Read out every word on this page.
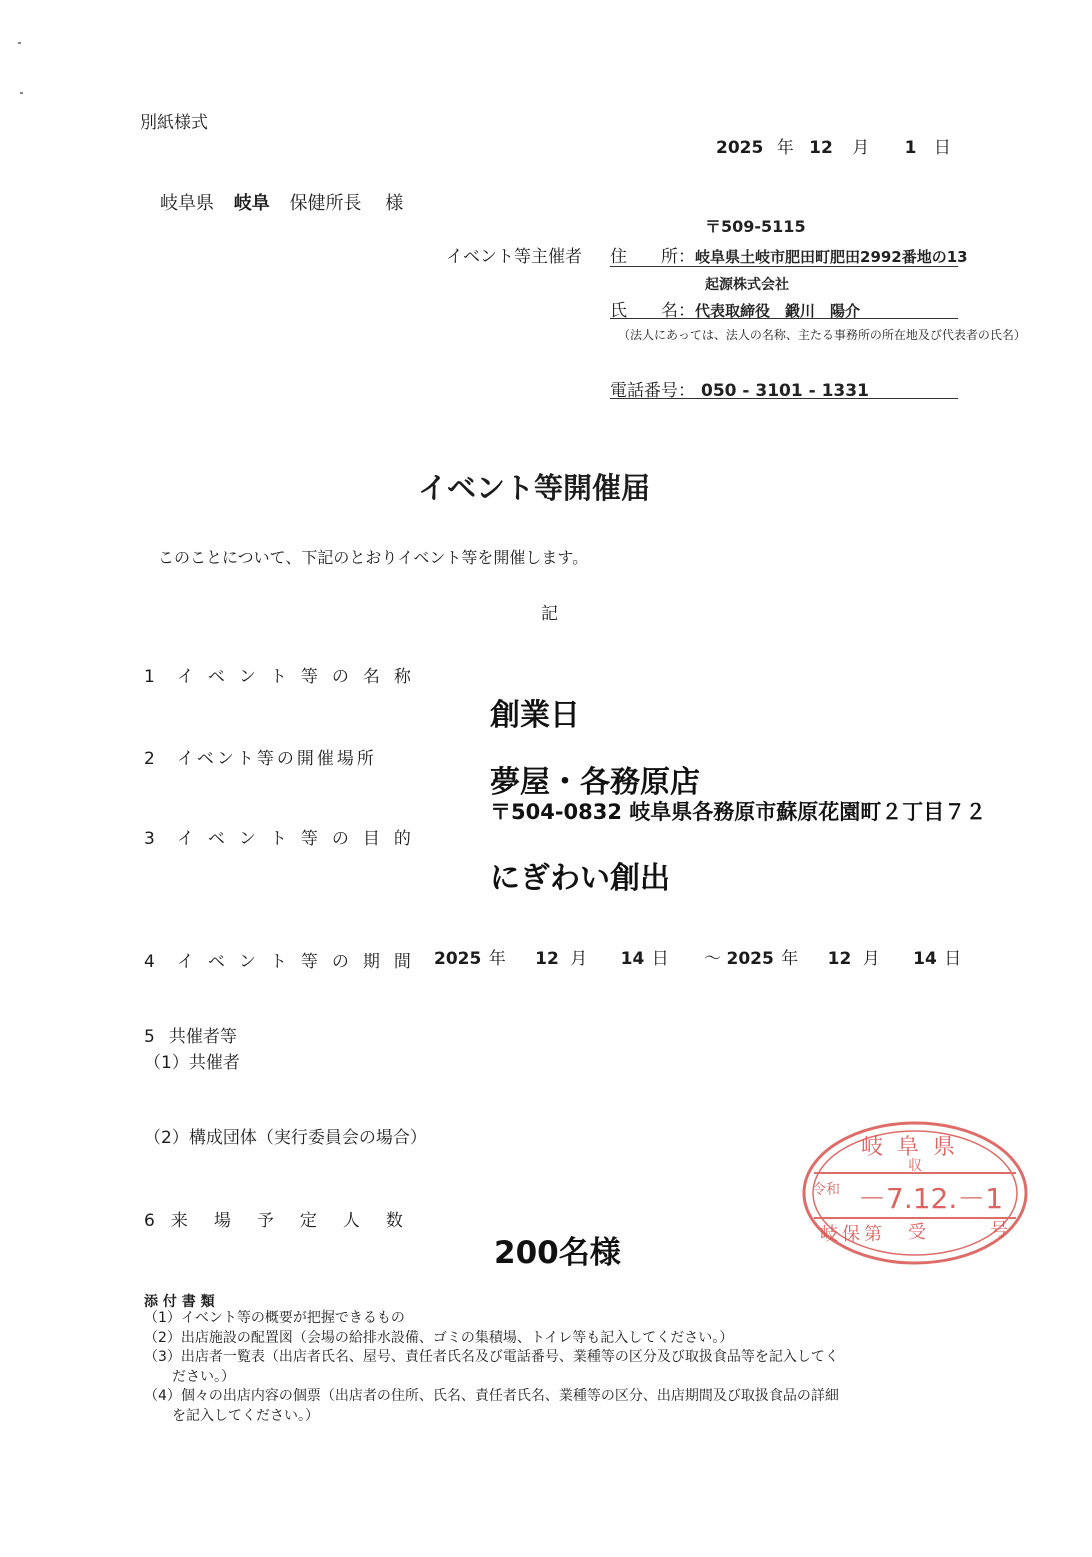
別紙様式
2025 年 12 月 1 日
岐阜県 岐阜 保健所長 様
〒509-5115
イベント等主催者 住　　所：岐阜県土岐市肥田町肥田2992番地の13
起源株式会社
氏　　名：代表取締役　鍛川　陽介
（法人にあっては、法人の名称、主たる事務所の所在地及び代表者の氏名）
電話番号： 050 - 3101 - 1331
イベント等開催届
このことについて、下記のとおりイベント等を開催します。
記
1 イベント等の名称
創業日
2 イベント等の開催場所
夢屋・各務原店
〒504-0832 岐阜県各務原市蘇原花園町２丁目７２
3 イベント等の目的
にぎわい創出
4 イベント等の期間 2025 年 12 月 14 日 ～ 2025 年 12 月 14 日
5 共催者等
（1）共催者
（2）構成団体（実行委員会の場合）
6 来場予定人数
200名様
添 付 書 類
（1）イベント等の概要が把握できるもの
（2）出店施設の配置図（会場の給排水設備、ゴミの集積場、トイレ等も記入してください。）
（3）出店者一覧表（出店者氏名、屋号、責任者氏名及び電話番号、業種等の区分及び取扱食品等を記入してく
　　ださい。）
（4）個々の出店内容の個票（出店者の住所、氏名、責任者氏名、業種等の区分、出店期間及び取扱食品の詳細
　　を記入してください。）
岐阜県
収
令和 －7.12.－1
岐保第 受	号
